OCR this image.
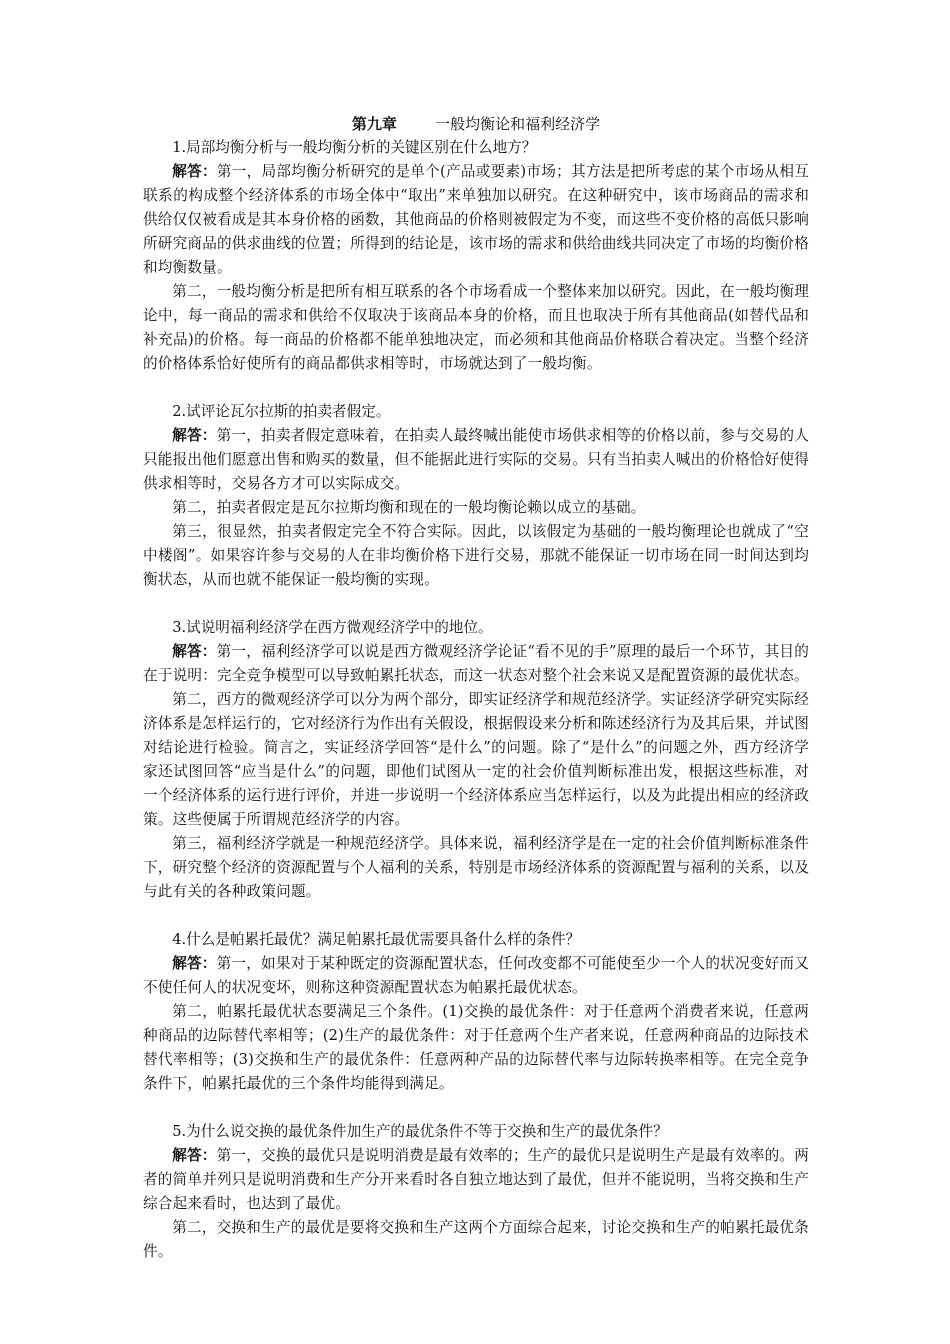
第九章	一般均衡论和福利经济学

1.局部均衡分析与一般均衡分析的关键区别在什么地方？

解答：第一，局部均衡分析研究的是单个(产品或要素)市场；其方法是把所考虑的某个市场从相互联系的构成整个经济体系的市场全体中“取出”来单独加以研究。在这种研究中，该市场商品的需求和供给仅仅被看成是其本身价格的函数，其他商品的价格则被假定为不变，而这些不变价格的高低只影响所研究商品的供求曲线的位置；所得到的结论是，该市场的需求和供给曲线共同决定了市场的均衡价格和均衡数量。

第二，一般均衡分析是把所有相互联系的各个市场看成一个整体来加以研究。因此，在一般均衡理论中，每一商品的需求和供给不仅取决于该商品本身的价格，而且也取决于所有其他商品(如替代品和补充品)的价格。每一商品的价格都不能单独地决定，而必须和其他商品价格联合着决定。当整个经济的价格体系恰好使所有的商品都供求相等时，市场就达到了一般均衡。

2.试评论瓦尔拉斯的拍卖者假定。

解答：第一，拍卖者假定意味着，在拍卖人最终喊出能使市场供求相等的价格以前，参与交易的人只能报出他们愿意出售和购买的数量，但不能据此进行实际的交易。只有当拍卖人喊出的价格恰好使得供求相等时，交易各方才可以实际成交。

第二，拍卖者假定是瓦尔拉斯均衡和现在的一般均衡论赖以成立的基础。

第三，很显然，拍卖者假定完全不符合实际。因此，以该假定为基础的一般均衡理论也就成了“空中楼阁”。如果容许参与交易的人在非均衡价格下进行交易，那就不能保证一切市场在同一时间达到均衡状态，从而也就不能保证一般均衡的实现。

3.试说明福利经济学在西方微观经济学中的地位。

解答：第一，福利经济学可以说是西方微观经济学论证“看不见的手”原理的最后一个环节，其目的在于说明：完全竞争模型可以导致帕累托状态，而这一状态对整个社会来说又是配置资源的最优状态。

第二，西方的微观经济学可以分为两个部分，即实证经济学和规范经济学。实证经济学研究实际经济体系是怎样运行的，它对经济行为作出有关假设，根据假设来分析和陈述经济行为及其后果，并试图对结论进行检验。简言之，实证经济学回答“是什么”的问题。除了“是什么”的问题之外，西方经济学家还试图回答“应当是什么”的问题，即他们试图从一定的社会价值判断标准出发，根据这些标准，对一个经济体系的运行进行评价，并进一步说明一个经济体系应当怎样运行，以及为此提出相应的经济政策。这些便属于所谓规范经济学的内容。

第三，福利经济学就是一种规范经济学。具体来说，福利经济学是在一定的社会价值判断标准条件下，研究整个经济的资源配置与个人福利的关系，特别是市场经济体系的资源配置与福利的关系，以及与此有关的各种政策问题。

4.什么是帕累托最优？满足帕累托最优需要具备什么样的条件？

解答：第一，如果对于某种既定的资源配置状态，任何改变都不可能使至少一个人的状况变好而又不使任何人的状况变坏，则称这种资源配置状态为帕累托最优状态。

第二，帕累托最优状态要满足三个条件。(1)交换的最优条件：对于任意两个消费者来说，任意两种商品的边际替代率相等；(2)生产的最优条件：对于任意两个生产者来说，任意两种商品的边际技术替代率相等；(3)交换和生产的最优条件：任意两种产品的边际替代率与边际转换率相等。在完全竞争条件下，帕累托最优的三个条件均能得到满足。

5.为什么说交换的最优条件加生产的最优条件不等于交换和生产的最优条件？

解答：第一，交换的最优只是说明消费是最有效率的；生产的最优只是说明生产是最有效率的。两者的简单并列只是说明消费和生产分开来看时各自独立地达到了最优，但并不能说明，当将交换和生产综合起来看时，也达到了最优。

第二，交换和生产的最优是要将交换和生产这两个方面综合起来，讨论交换和生产的帕累托最优条件。
